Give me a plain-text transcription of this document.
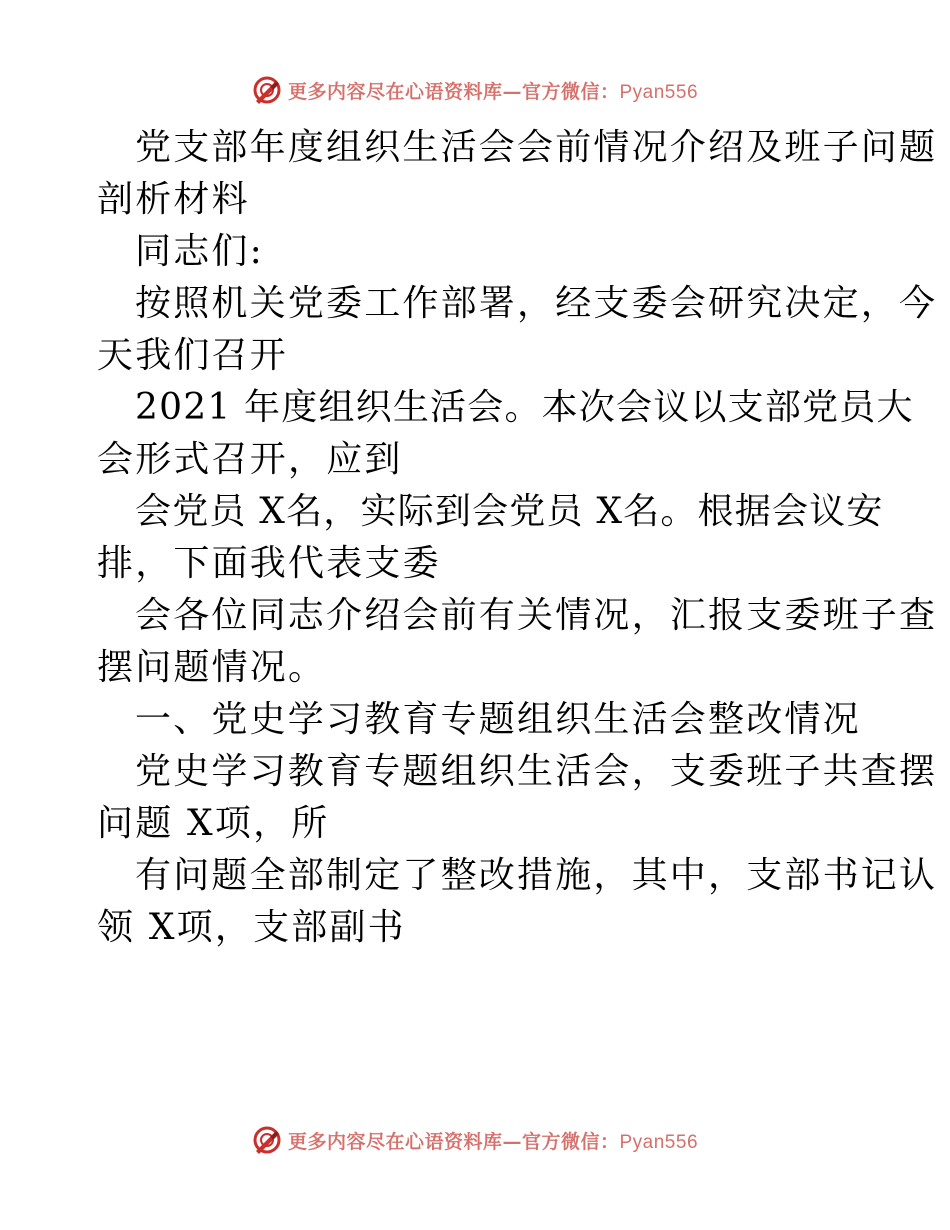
更多内容尽在心语资料库—官方微信：Pyan556
党支部年度组织生活会会前情况介绍及班子问题
剖析材料
同志们:
按照机关党委工作部署，经支委会研究决定，今
天我们召开
2021 年度组织生活会。本次会议以支部党员大
会形式召开，应到
会党员 X名，实际到会党员 X名。根据会议安
排，下面我代表支委
会各位同志介绍会前有关情况，汇报支委班子查
摆问题情况。
一、党史学习教育专题组织生活会整改情况
党史学习教育专题组织生活会，支委班子共查摆
问题 X项，所
有问题全部制定了整改措施，其中，支部书记认
领 X项，支部副书
更多内容尽在心语资料库—官方微信：Pyan556
